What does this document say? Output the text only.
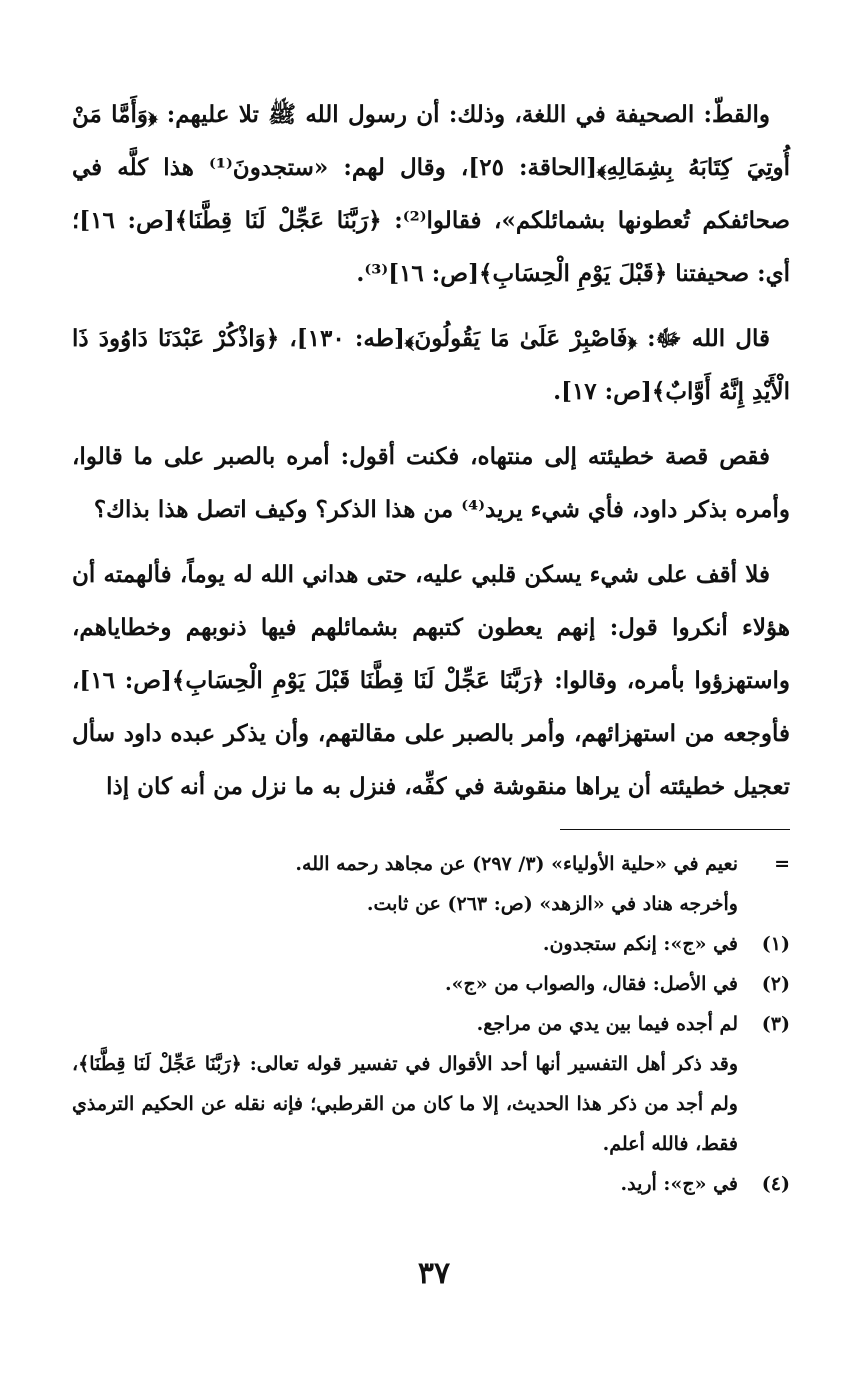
والقطّ: الصحيفة في اللغة، وذلك: أن رسول الله ﷺ تلا عليهم: ﴿وَأَمَّا مَنْ أُوتِيَ كِتَابَهُ بِشِمَالِهِ﴾[الحاقة: ٢٥]، وقال لهم: «ستجدونَ⁽¹⁾ هذا كلَّه في صحائفكم تُعطونها بشمائلكم»، فقالوا⁽²⁾: ﴿رَبَّنَا عَجِّلْ لَنَا قِطَّنَا﴾[ص: ١٦]؛ أي: صحيفتنا ﴿قَبْلَ يَوْمِ الْحِسَابِ﴾[ص: ١٦]⁽³⁾.

قال الله ﷻ: ﴿فَاصْبِرْ عَلَىٰ مَا يَقُولُونَ﴾[طه: ١٣٠]، ﴿وَاذْكُرْ عَبْدَنَا دَاوُودَ ذَا الْأَيْدِ إِنَّهُ أَوَّابٌ﴾[ص: ١٧].

فقص قصة خطيئته إلى منتهاه، فكنت أقول: أمره بالصبر على ما قالوا، وأمره بذكر داود، فأي شيء يريد⁽⁴⁾ من هذا الذكر؟ وكيف اتصل هذا بذاك؟

فلا أقف على شيء يسكن قلبي عليه، حتى هداني الله له يوماً، فألهمته أن هؤلاء أنكروا قول: إنهم يعطون كتبهم بشمائلهم فيها ذنوبهم وخطاياهم، واستهزؤوا بأمره، وقالوا: ﴿رَبَّنَا عَجِّلْ لَنَا قِطَّنَا قَبْلَ يَوْمِ الْحِسَابِ﴾[ص: ١٦]، فأوجعه من استهزائهم، وأمر بالصبر على مقالتهم، وأن يذكر عبده داود سأل تعجيل خطيئته أن يراها منقوشة في كفِّه، فنزل به ما نزل من أنه كان إذا

=
نعيم في «حلية الأولياء» (٣/ ٢٩٧) عن مجاهد رحمه الله.
وأخرجه هناد في «الزهد» (ص: ٢٦٣) عن ثابت.
(١)
في «ج»: إنكم ستجدون.
(٢)
في الأصل: فقال، والصواب من «ج».
(٣)
لم أجده فيما بين يدي من مراجع.
وقد ذكر أهل التفسير أنها أحد الأقوال في تفسير قوله تعالى: ﴿رَبَّنَا عَجِّلْ لَنَا قِطَّنَا﴾، ولم أجد من ذكر هذا الحديث، إلا ما كان من القرطبي؛ فإنه نقله عن الحكيم الترمذي فقط، فالله أعلم.
(٤)
في «ج»: أريد.
٣٧
